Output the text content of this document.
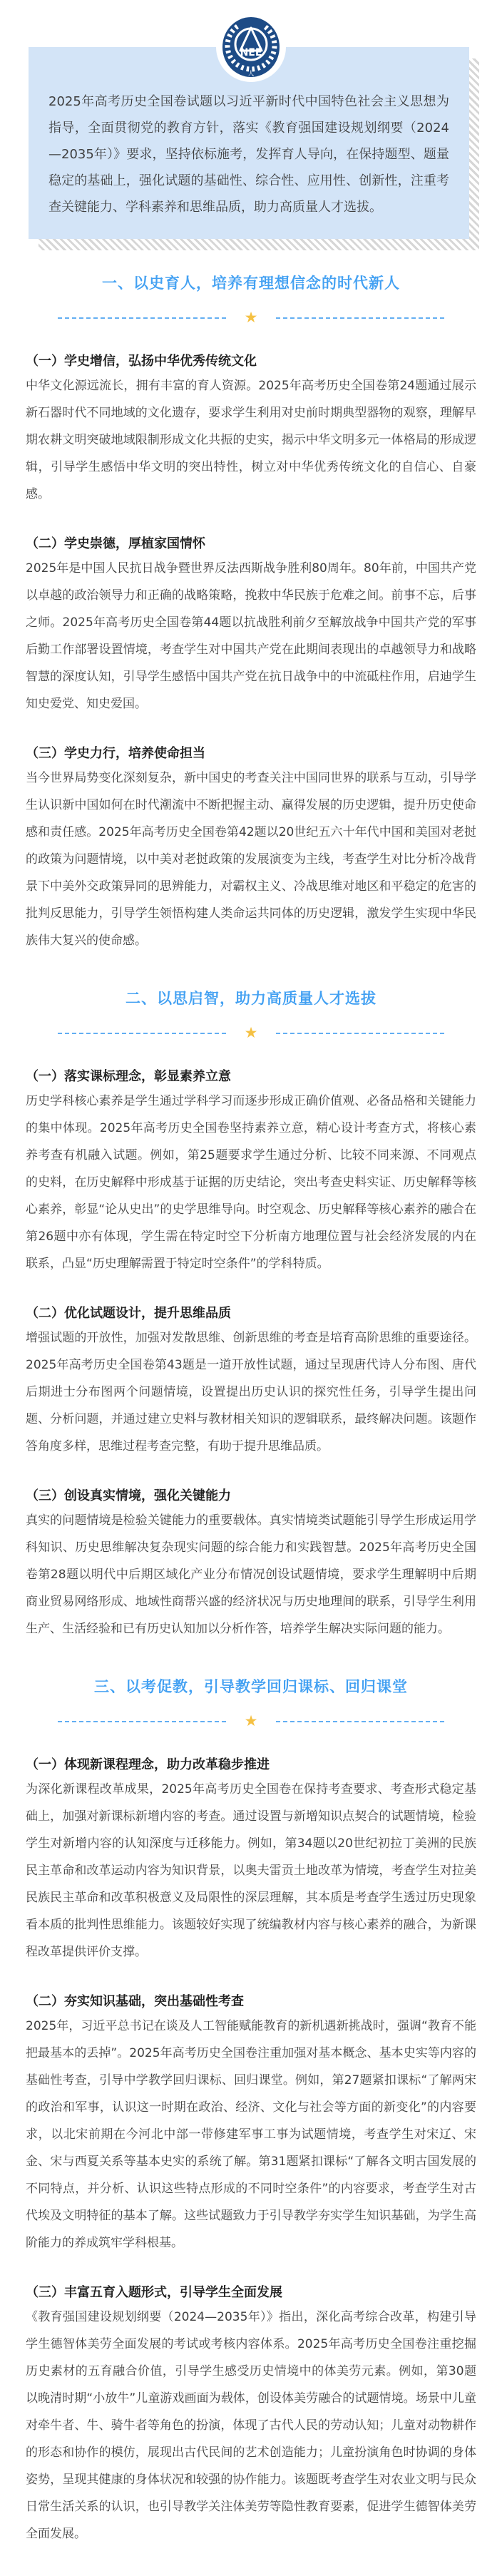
NEE
人

2025年高考历史全国卷试题以习近平新时代中国特色社会主义思想为指导，全面贯彻党的教育方针，落实《教育强国建设规划纲要（2024—2035年）》要求，坚持依标施考，发挥育人导向，在保持题型、题量稳定的基础上，强化试题的基础性、综合性、应用性、创新性，注重考查关键能力、学科素养和思维品质，助力高质量人才选拔。

一、以史育人，培养有理想信念的时代新人
★
（一）学史增信，弘扬中华优秀传统文化

中华文化源远流长，拥有丰富的育人资源。2025年高考历史全国卷第24题通过展示新石器时代不同地域的文化遗存，要求学生利用对史前时期典型器物的观察，理解早期农耕文明突破地域限制形成文化共振的史实，揭示中华文明多元一体格局的形成逻辑，引导学生感悟中华文明的突出特性，树立对中华优秀传统文化的自信心、自豪感。

（二）学史崇德，厚植家国情怀

2025年是中国人民抗日战争暨世界反法西斯战争胜利80周年。80年前，中国共产党以卓越的政治领导力和正确的战略策略，挽救中华民族于危难之间。前事不忘，后事之师。2025年高考历史全国卷第44题以抗战胜利前夕至解放战争中国共产党的军事后勤工作部署设置情境，考查学生对中国共产党在此期间表现出的卓越领导力和战略智慧的深度认知，引导学生感悟中国共产党在抗日战争中的中流砥柱作用，启迪学生知史爱党、知史爱国。

（三）学史力行，培养使命担当

当今世界局势变化深刻复杂，新中国史的考查关注中国同世界的联系与互动，引导学生认识新中国如何在时代潮流中不断把握主动、赢得发展的历史逻辑，提升历史使命感和责任感。2025年高考历史全国卷第42题以20世纪五六十年代中国和美国对老挝的政策为问题情境，以中美对老挝政策的发展演变为主线，考查学生对比分析冷战背景下中美外交政策异同的思辨能力，对霸权主义、冷战思维对地区和平稳定的危害的批判反思能力，引导学生领悟构建人类命运共同体的历史逻辑，激发学生实现中华民族伟大复兴的使命感。

二、以思启智，助力高质量人才选拔
★
（一）落实课标理念，彰显素养立意

历史学科核心素养是学生通过学科学习而逐步形成正确价值观、必备品格和关键能力的集中体现。2025年高考历史全国卷坚持素养立意，精心设计考查方式，将核心素养考查有机融入试题。例如，第25题要求学生通过分析、比较不同来源、不同观点的史料，在历史解释中形成基于证据的历史结论，突出考查史料实证、历史解释等核心素养，彰显“论从史出”的史学思维导向。时空观念、历史解释等核心素养的融合在第26题中亦有体现，学生需在特定时空下分析南方地理位置与社会经济发展的内在联系，凸显“历史理解需置于特定时空条件”的学科特质。

（二）优化试题设计，提升思维品质

增强试题的开放性，加强对发散思维、创新思维的考查是培育高阶思维的重要途径。2025年高考历史全国卷第43题是一道开放性试题，通过呈现唐代诗人分布图、唐代后期进士分布图两个问题情境，设置提出历史认识的探究性任务，引导学生提出问题、分析问题，并通过建立史料与教材相关知识的逻辑联系，最终解决问题。该题作答角度多样，思维过程考查完整，有助于提升思维品质。

（三）创设真实情境，强化关键能力

真实的问题情境是检验关键能力的重要载体。真实情境类试题能引导学生形成运用学科知识、历史思维解决复杂现实问题的综合能力和实践智慧。2025年高考历史全国卷第28题以明代中后期区域化产业分布情况创设试题情境，要求学生理解明中后期商业贸易网络形成、地域性商帮兴盛的经济状况与历史地理间的联系，引导学生利用生产、生活经验和已有历史认知加以分析作答，培养学生解决实际问题的能力。

三、以考促教，引导教学回归课标、回归课堂
★
（一）体现新课程理念，助力改革稳步推进

为深化新课程改革成果，2025年高考历史全国卷在保持考查要求、考查形式稳定基础上，加强对新课标新增内容的考查。通过设置与新增知识点契合的试题情境，检验学生对新增内容的认知深度与迁移能力。例如，第34题以20世纪初拉丁美洲的民族民主革命和改革运动内容为知识背景，以奥夫雷贡土地改革为情境，考查学生对拉美民族民主革命和改革积极意义及局限性的深层理解，其本质是考查学生透过历史现象看本质的批判性思维能力。该题较好实现了统编教材内容与核心素养的融合，为新课程改革提供评价支撑。

（二）夯实知识基础，突出基础性考查

2025年，习近平总书记在谈及人工智能赋能教育的新机遇新挑战时，强调“教育不能把最基本的丢掉”。2025年高考历史全国卷注重加强对基本概念、基本史实等内容的基础性考查，引导中学教学回归课标、回归课堂。例如，第27题紧扣课标“了解两宋的政治和军事，认识这一时期在政治、经济、文化与社会等方面的新变化”的内容要求，以北宋前期在今河北中部一带修建军事工事为试题情境，考查学生对宋辽、宋金、宋与西夏关系等基本史实的系统了解。第31题紧扣课标“了解各文明古国发展的不同特点，并分析、认识这些特点形成的不同时空条件”的内容要求，考查学生对古代埃及文明特征的基本了解。这些试题致力于引导教学夯实学生知识基础，为学生高阶能力的养成筑牢学科根基。

（三）丰富五育入题形式，引导学生全面发展

《教育强国建设规划纲要（2024—2035年）》指出，深化高考综合改革，构建引导学生德智体美劳全面发展的考试或考核内容体系。2025年高考历史全国卷注重挖掘历史素材的五育融合价值，引导学生感受历史情境中的体美劳元素。例如，第30题以晚清时期“小放牛”儿童游戏画面为载体，创设体美劳融合的试题情境。场景中儿童对牵牛者、牛、骑牛者等角色的扮演，体现了古代人民的劳动认知；儿童对动物耕作的形态和协作的模仿，展现出古代民间的艺术创造能力；儿童扮演角色时协调的身体姿势，呈现其健康的身体状况和较强的协作能力。该题既考查学生对农业文明与民众日常生活关系的认识，也引导教学关注体美劳等隐性教育要素，促进学生德智体美劳全面发展。
